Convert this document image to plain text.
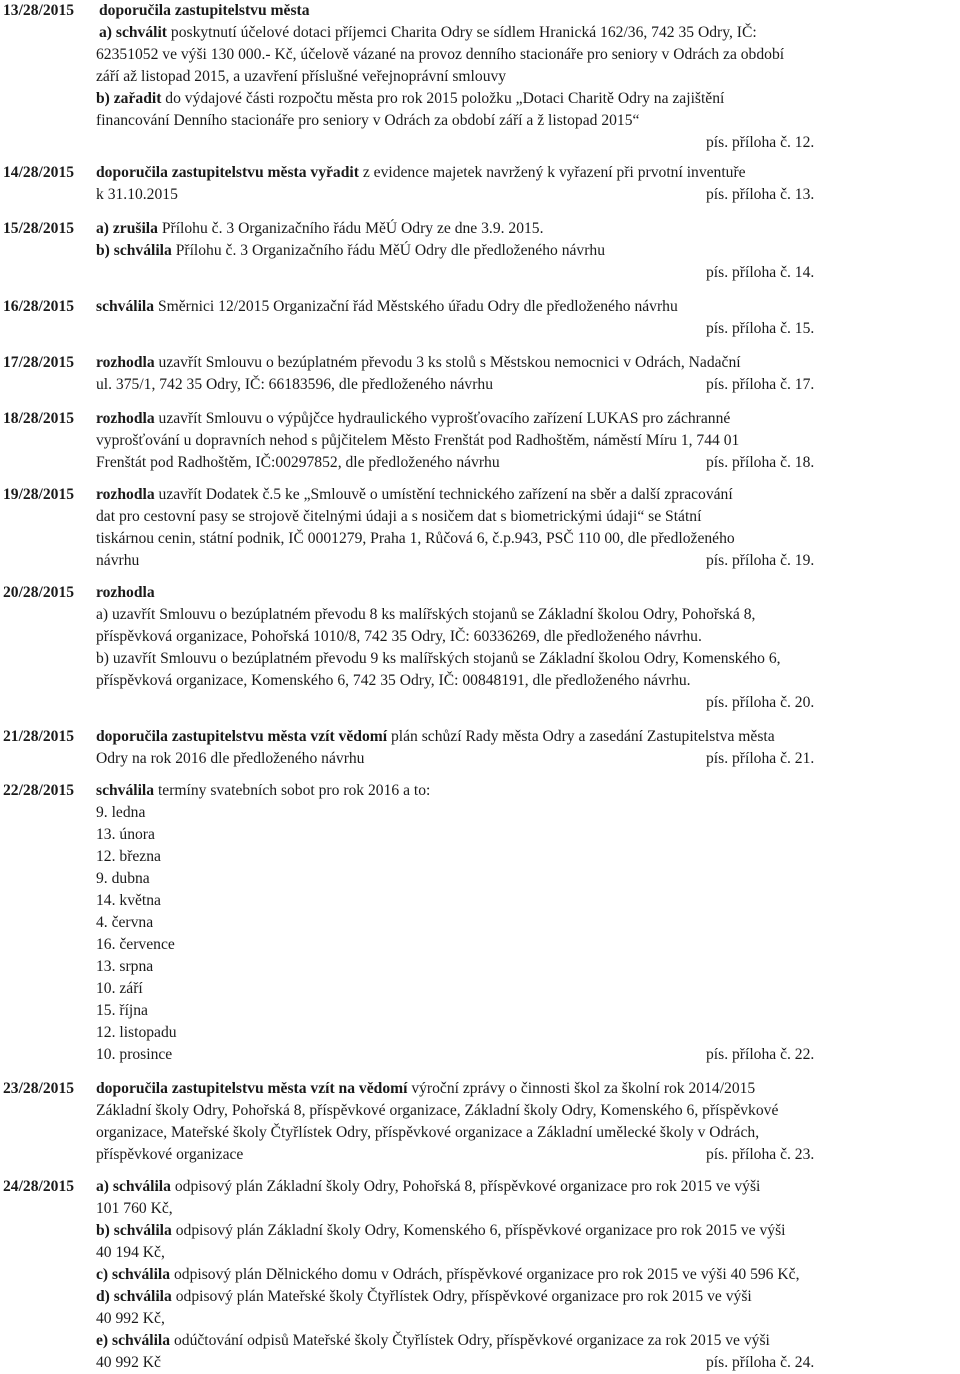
13/28/2015	doporučila zastupitelstvu města
a) schválit poskytnutí účelové dotaci příjemci Charita Odry se sídlem Hranická 162/36, 742 35 Odry, IČ:
62351052 ve výši 130 000.- Kč, účelově vázané na provoz denního stacionáře pro seniory v Odrách za období
září až listopad 2015, a uzavření příslušné veřejnoprávní smlouvy
b) zařadit do výdajové části rozpočtu města pro rok 2015 položku „Dotaci Charitě Odry na zajištění
financování Denního stacionáře pro seniory v Odrách za období září a ž listopad 2015“
pís. příloha č. 12.
14/28/2015	doporučila zastupitelstvu města vyřadit z evidence majetek navržený k vyřazení při prvotní inventuře
k 31.10.2015	pís. příloha č. 13.
15/28/2015	a) zrušila Přílohu č. 3 Organizačního řádu MěÚ Odry ze dne 3.9. 2015.
b) schválila Přílohu č. 3 Organizačního řádu MěÚ Odry dle předloženého návrhu
pís. příloha č. 14.
16/28/2015	schválila Směrnici 12/2015 Organizační řád Městského úřadu Odry dle předloženého návrhu
pís. příloha č. 15.
17/28/2015	rozhodla uzavřít Smlouvu o bezúplatném převodu 3 ks stolů s Městskou nemocnici v Odrách, Nadační
ul. 375/1, 742 35 Odry, IČ: 66183596, dle předloženého návrhu	pís. příloha č. 17.
18/28/2015	rozhodla uzavřít Smlouvu o výpůjčce hydraulického vyprošťovacího zařízení LUKAS pro záchranné
vyprošťování u dopravních nehod s půjčitelem Město Frenštát pod Radhoštěm, náměstí Míru 1, 744 01
Frenštát pod Radhoštěm, IČ:00297852, dle předloženého návrhu	pís. příloha č. 18.
19/28/2015	rozhodla uzavřít Dodatek č.5 ke „Smlouvě o umístění technického zařízení na sběr a další zpracování
dat pro cestovní pasy se strojově čitelnými údaji a s nosičem dat s biometrickými údaji“ se Státní
tiskárnou cenin, státní podnik, IČ 0001279, Praha 1, Růčová 6, č.p.943, PSČ 110 00, dle předloženého
návrhu	pís. příloha č. 19.
20/28/2015	rozhodla
a) uzavřít Smlouvu o bezúplatném převodu 8 ks malířských stojanů se Základní školou Odry, Pohořská 8,
příspěvková organizace, Pohořská 1010/8, 742 35 Odry, IČ: 60336269, dle předloženého návrhu.
b) uzavřít Smlouvu o bezúplatném převodu 9 ks malířských stojanů se Základní školou Odry, Komenského 6,
příspěvková organizace, Komenského 6, 742 35 Odry, IČ: 00848191, dle předloženého návrhu.
pís. příloha č. 20.
21/28/2015	doporučila zastupitelstvu města vzít vědomí plán schůzí Rady města Odry a zasedání Zastupitelstva města
Odry na rok 2016 dle předloženého návrhu	pís. příloha č. 21.
22/28/2015	schválila termíny svatebních sobot pro rok 2016 a to:
9. ledna
13. února
12. března
9. dubna
14. května
4. června
16. července
13. srpna
10. září
15. října
12. listopadu
10. prosince	pís. příloha č. 22.
23/28/2015	doporučila zastupitelstvu města vzít na vědomí výroční zprávy o činnosti škol za školní rok 2014/2015
Základní školy Odry, Pohořská 8, příspěvkové organizace, Základní školy Odry, Komenského 6, příspěvkové
organizace, Mateřské školy Čtyřlístek Odry, příspěvkové organizace a Základní umělecké školy v Odrách,
příspěvkové organizace	pís. příloha č. 23.
24/28/2015	a) schválila odpisový plán Základní školy Odry, Pohořská 8, příspěvkové organizace pro rok 2015 ve výši
101 760 Kč,
b) schválila odpisový plán Základní školy Odry, Komenského 6, příspěvkové organizace pro rok 2015 ve výši
40 194 Kč,
c) schválila odpisový plán Dělnického domu v Odrách, příspěvkové organizace pro rok 2015 ve výši 40 596 Kč,
d) schválila odpisový plán Mateřské školy Čtyřlístek Odry, příspěvkové organizace pro rok 2015 ve výši
40 992 Kč,
e) schválila odúčtování odpisů Mateřské školy Čtyřlístek Odry, příspěvkové organizace za rok 2015 ve výši
40 992 Kč	pís. příloha č. 24.
